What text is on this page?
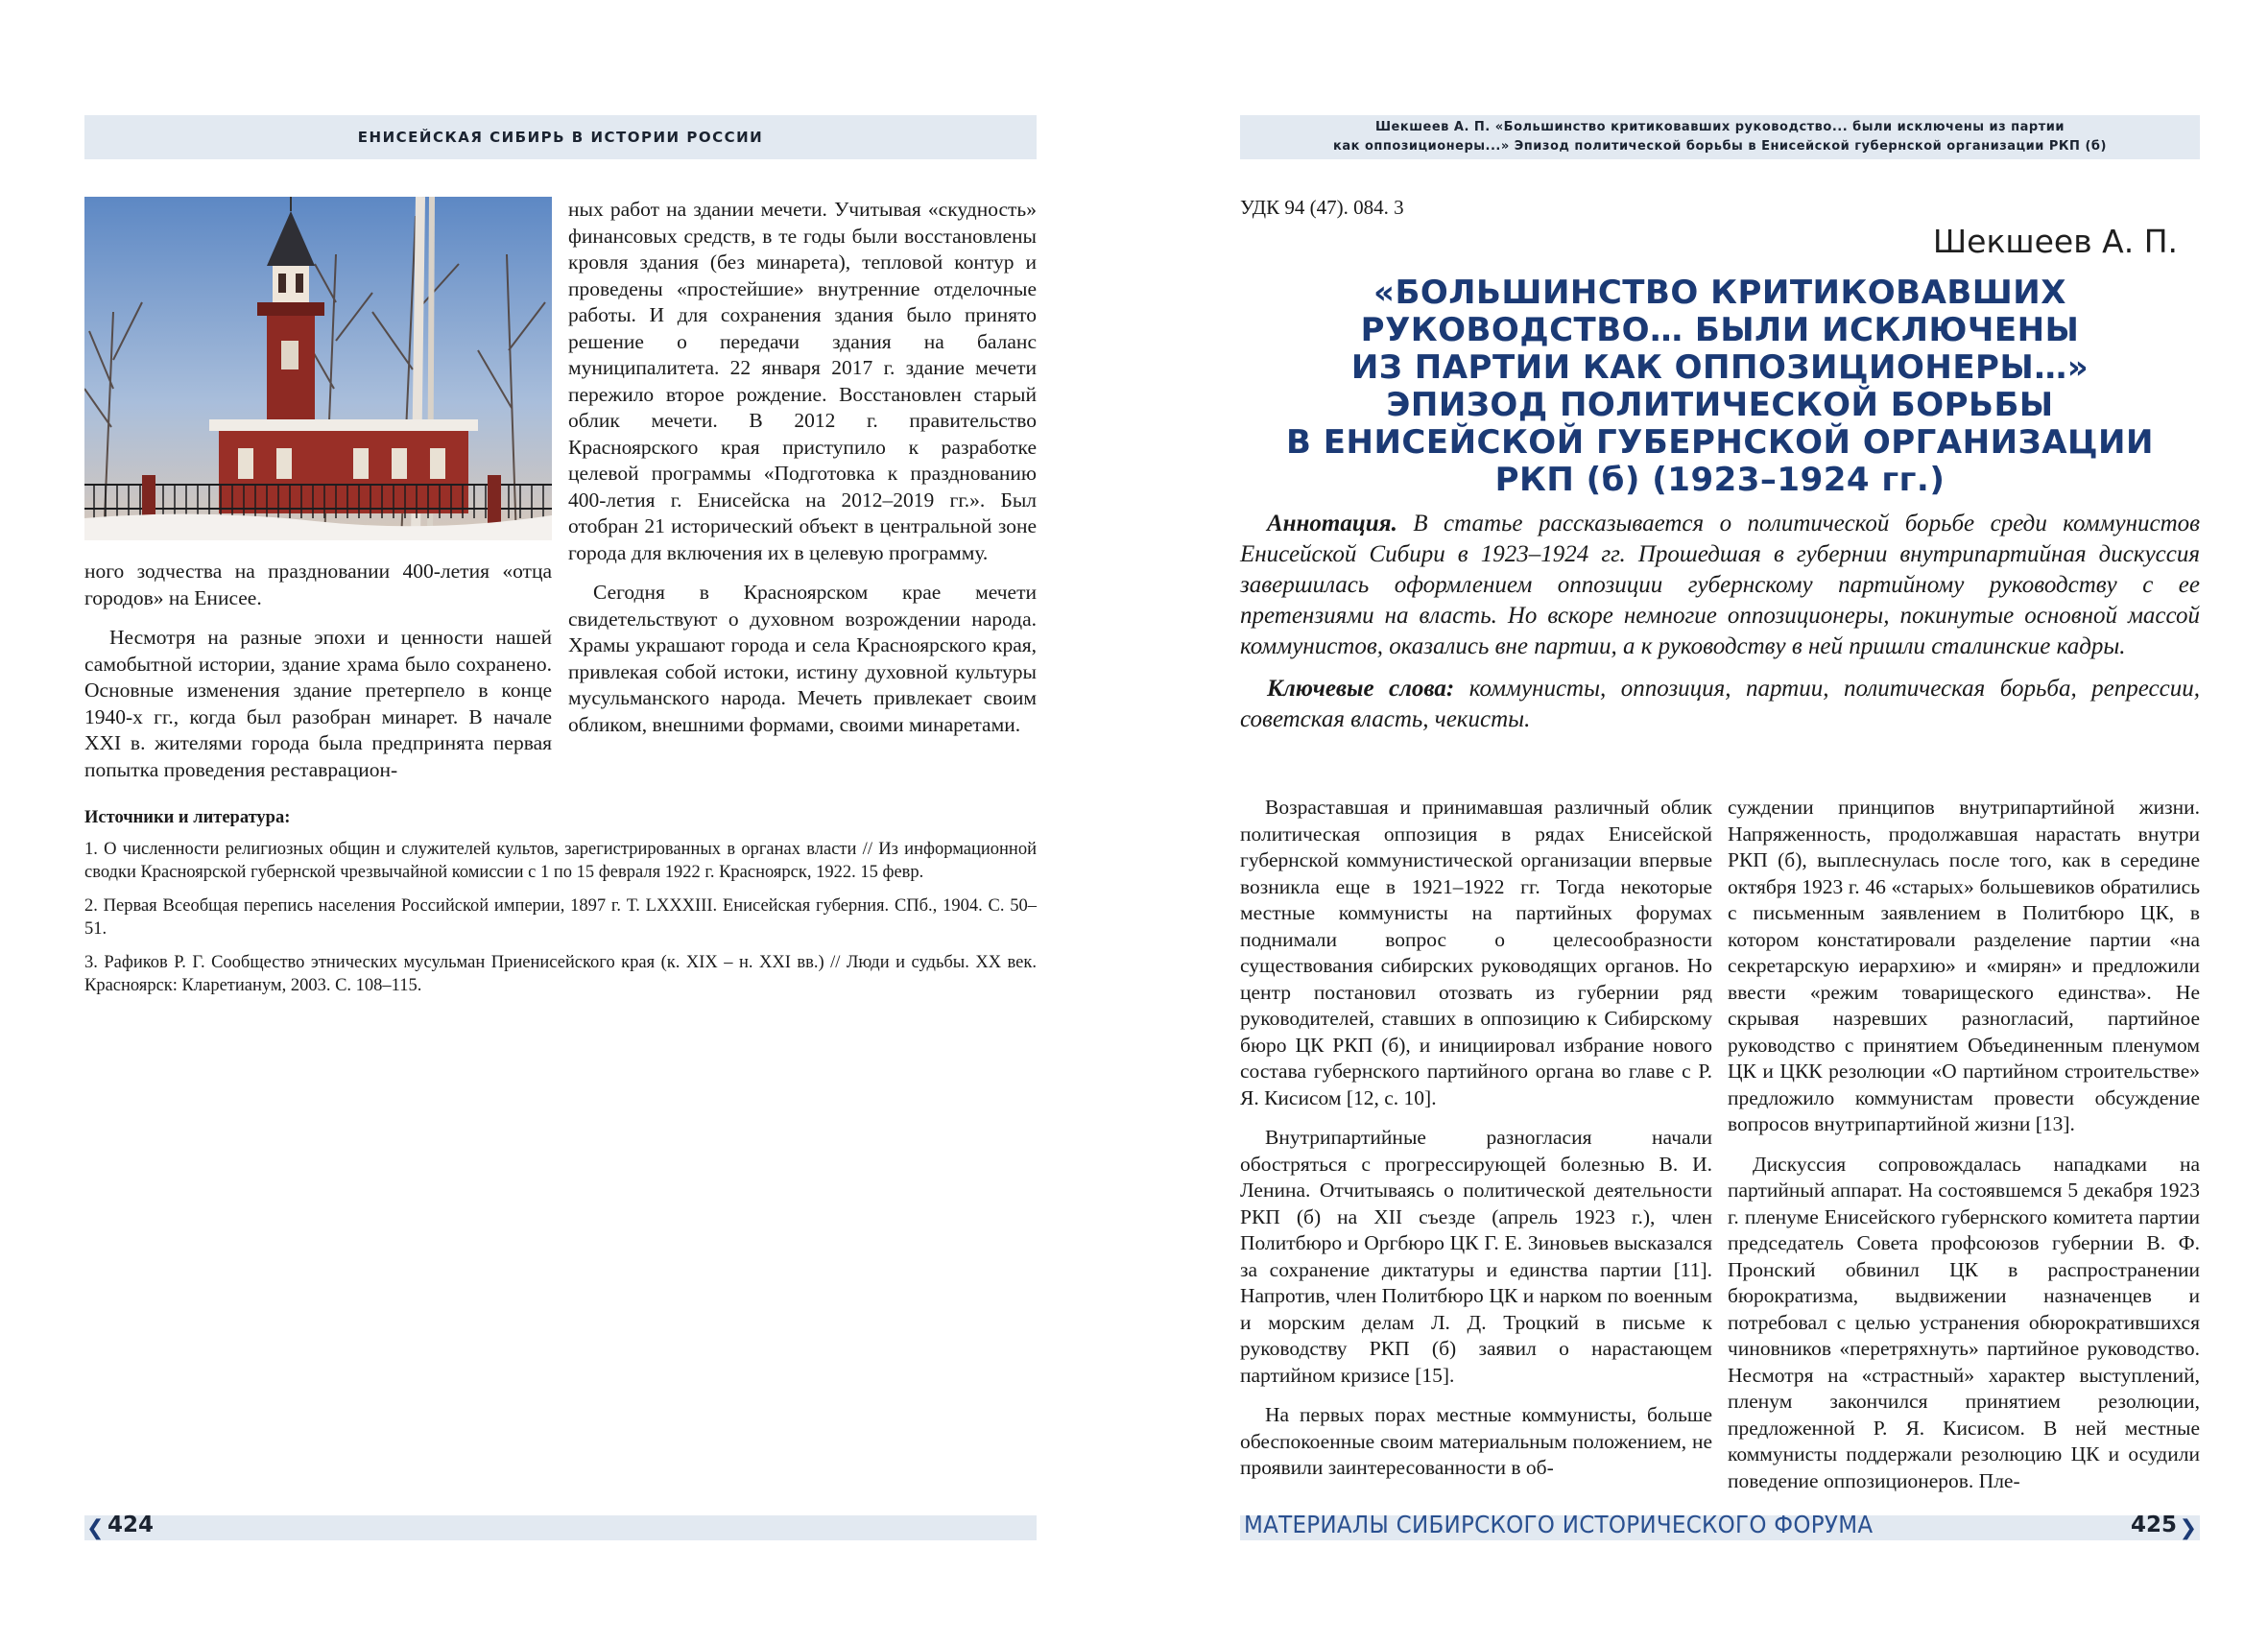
ЕНИСЕЙСКАЯ СИБИРЬ В ИСТОРИИ РОССИИ

ного зодчества на праздновании 400-летия «отца городов» на Енисее.

Несмотря на разные эпохи и ценности нашей самобытной истории, здание храма было сохранено. Основные изменения здание претерпело в конце 1940-х гг., когда был разобран минарет. В начале XXI в. жителями города была предпринята первая попытка проведения реставрацион-

ных работ на здании мечети. Учитывая «скудность» финансовых средств, в те годы были восстановлены кровля здания (без минарета), тепловой контур и проведены «простейшие» внутренние отделочные работы. И для сохранения здания было принято решение о передачи здания на баланс муниципалитета. 22 января 2017 г. здание мечети пережило второе рождение. Восстановлен старый облик мечети. В 2012 г. правительство Красноярского края приступило к разработке целевой программы «Подготовка к празднованию 400-летия г. Енисейска на 2012–2019 гг.». Был отобран 21 исторический объект в центральной зоне города для включения их в целевую программу.

Сегодня в Красноярском крае мечети свидетельствуют о духовном возрождении народа. Храмы украшают города и села Красноярского края, привлекая собой истоки, истину духовной культуры мусульманского народа. Мечеть привлекает своим обликом, внешними формами, своими минаретами.

Источники и литература:

1. О численности религиозных общин и служителей культов, зарегистрированных в органах власти // Из информационной сводки Красноярской губернской чрезвычайной комиссии с 1 по 15 февраля 1922 г. Красноярск, 1922. 15 февр.

2. Первая Всеобщая перепись населения Российской империи, 1897 г. Т. LXXXIII. Енисейская губерния. СПб., 1904. С. 50–51.

3. Рафиков Р. Г. Сообщество этнических мусульман Приенисейского края (к. XIX – н. XXI вв.) // Люди и судьбы. XX век. Красноярск: Кларетианум, 2003. С. 108–115.

❮ 424
Шекшеев А. П. «Большинство критиковавших руководство... были исключены из партии
как оппозиционеры...» Эпизод политической борьбы в Енисейской губернской организации РКП (б)
УДК 94 (47). 084. 3
Шекшеев А. П.
«БОЛЬШИНСТВО КРИТИКОВАВШИХ
РУКОВОДСТВО… БЫЛИ ИСКЛЮЧЕНЫ
ИЗ ПАРТИИ КАК ОППОЗИЦИОНЕРЫ…»
ЭПИЗОД ПОЛИТИЧЕСКОЙ БОРЬБЫ
В ЕНИСЕЙСКОЙ ГУБЕРНСКОЙ ОРГАНИЗАЦИИ
РКП (б) (1923–1924 гг.)

Аннотация. В статье рассказывается о политической борьбе среди коммунистов Енисейской Сибири в 1923–1924 гг. Прошедшая в губернии внутрипартийная дискуссия завершилась оформлением оппозиции губернскому партийному руководству с ее претензиями на власть. Но вскоре немногие оппозиционеры, покинутые основной массой коммунистов, оказались вне партии, а к руководству в ней пришли сталинские кадры.

Ключевые слова: коммунисты, оппозиция, партии, политическая борьба, репрессии, советская власть, чекисты.

Возраставшая и принимавшая различный облик политическая оппозиция в рядах Енисейской губернской коммунистической организации впервые возникла еще в 1921–1922 гг. Тогда некоторые местные коммунисты на партийных форумах поднимали вопрос о целесообразности существования сибирских руководящих органов. Но центр постановил отозвать из губернии ряд руководителей, ставших в оппозицию к Сибирскому бюро ЦК РКП (б), и инициировал избрание нового состава губернского партийного органа во главе с Р. Я. Кисисом [12, с. 10].

Внутрипартийные разногласия начали обостряться с прогрессирующей болезнью В. И. Ленина. Отчитываясь о политической деятельности РКП (б) на XII съезде (апрель 1923 г.), член Политбюро и Оргбюро ЦК Г. Е. Зиновьев высказался за сохранение диктатуры и единства партии [11]. Напротив, член Политбюро ЦК и нарком по военным и морским делам Л. Д. Троцкий в письме к руководству РКП (б) заявил о нарастающем партийном кризисе [15].

На первых порах местные коммунисты, больше обеспокоенные своим материальным положением, не проявили заинтересованности в об-

суждении принципов внутрипартийной жизни. Напряженность, продолжавшая нарастать внутри РКП (б), выплеснулась после того, как в середине октября 1923 г. 46 «старых» большевиков обратились с письменным заявлением в Политбюро ЦК, в котором констатировали разделение партии «на секретарскую иерархию» и «мирян» и предложили ввести «режим товарищеского единства». Не скрывая назревших разногласий, партийное руководство с принятием Объединенным пленумом ЦК и ЦКК резолюции «О партийном строительстве» предложило коммунистам провести обсуждение вопросов внутрипартийной жизни [13].

Дискуссия сопровождалась нападками на партийный аппарат. На состоявшемся 5 декабря 1923 г. пленуме Енисейского губернского комитета партии председатель Совета профсоюзов губернии В. Ф. Пронский обвинил ЦК в распространении бюрократизма, выдвижении назначенцев и потребовал с целью устранения обюрократившихся чиновников «перетряхнуть» партийное руководство. Несмотря на «страстный» характер выступлений, пленум закончился принятием резолюции, предложенной Р. Я. Кисисом. В ней местные коммунисты поддержали резолюцию ЦК и осудили поведение оппозиционеров. Пле-

МАТЕРИАЛЫ СИБИРСКОГО ИСТОРИЧЕСКОГО ФОРУМА	425 ❯
